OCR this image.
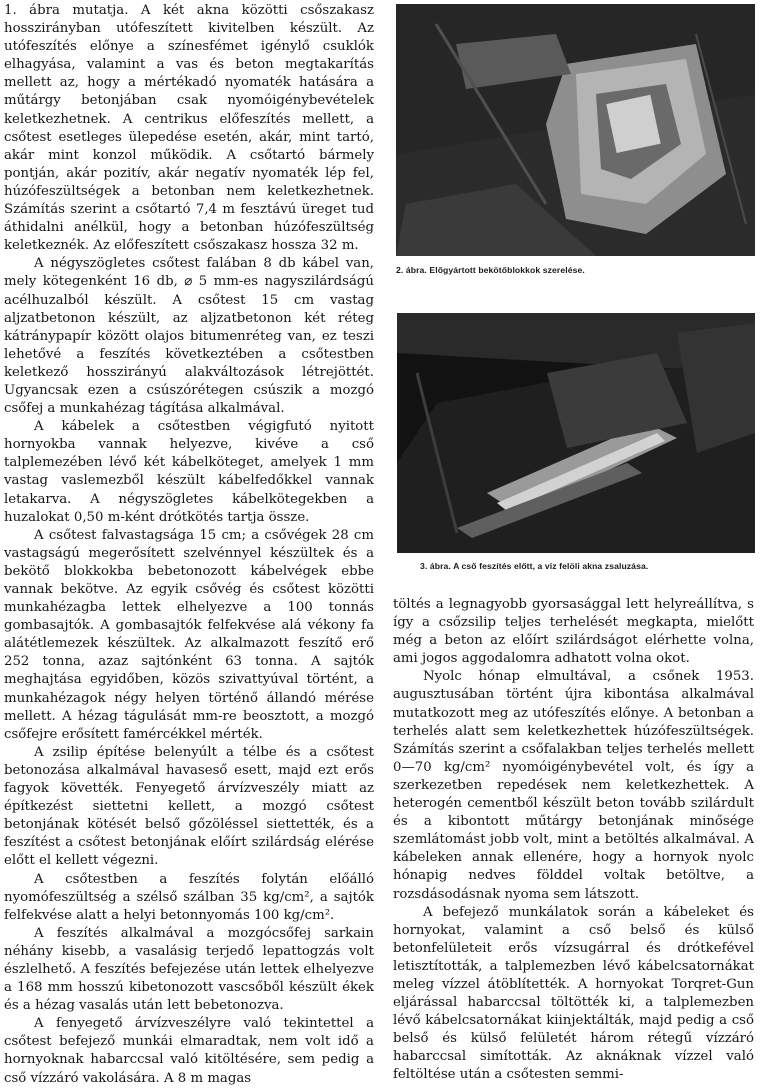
1. ábra mutatja. A két akna közötti csőszakasz hosszirányban utófeszített kivitelben készült. Az utófeszítés előnye a színesfémet igénylő csuklók elhagyása, valamint a vas és beton megtakarítás mellett az, hogy a mértékadó nyomaték hatására a műtárgy betonjában csak nyomóigénybevételek keletkezhetnek. A centrikus előfeszítés mellett, a csőtest esetleges ülepedése esetén, akár, mint tartó, akár mint konzol működik. A csőtartó bármely pontján, akár pozitív, akár negatív nyomaték lép fel, húzófeszültségek a betonban nem keletkezhetnek. Számítás szerint a csőtartó 7,4 m fesztávú üreget tud áthidalni anélkül, hogy a betonban húzófeszültség keletkeznék. Az előfeszített csőszakasz hossza 32 m.

A négyszögletes csőtest falában 8 db kábel van, mely kötegenként 16 db, ⌀ 5 mm-es nagyszilárdságú acélhuzalból készült. A csőtest 15 cm vastag aljzatbetonon készült, az aljzatbetonon két réteg kátránypapír között olajos bitumenréteg van, ez teszi lehetővé a feszítés következtében a csőtestben keletkező hosszirányú alakváltozások létrejöttét. Ugyancsak ezen a csúszórétegen csúszik a mozgó csőfej a munkahézag tágítása alkalmával.

A kábelek a csőtestben végigfutó nyitott hornyokba vannak helyezve, kivéve a cső talplemezében lévő két kábelköteget, amelyek 1 mm vastag vaslemezből készült kábelfedőkkel vannak letakarva. A négyszögletes kábelkötegekben a huzalokat 0,50 m-ként drótkötés tartja össze.

A csőtest falvastagsága 15 cm; a csővégek 28 cm vastagságú megerősített szelvénnyel készültek és a bekötő blokkokba bebetonozott kábelvégek ebbe vannak bekötve. Az egyik csővég és csőtest közötti munkahézagba lettek elhelyezve a 100 tonnás gombasajtók. A gombasajtók felfekvése alá vékony fa alátétlemezek készültek. Az alkalmazott feszítő erő 252 tonna, azaz sajtónként 63 tonna. A sajtók meghajtása egyidőben, közös szivattyúval történt, a munkahézagok négy helyen történő állandó mérése mellett. A hézag tágulását mm-re beosztott, a mozgó csőfejre erősített famércékkel mérték.

A zsilip építése belenyúlt a télbe és a csőtest betonozása alkalmával havaseső esett, majd ezt erős fagyok követték. Fenyegető árvízveszély miatt az építkezést siettetni kellett, a mozgó csőtest betonjának kötését belső gőzöléssel siettették, és a feszítést a csőtest betonjának előírt szilárdság elérése előtt el kellett végezni.

A csőtestben a feszítés folytán előálló nyomófeszültség a szélső szálban 35 kg/cm², a sajtók felfekvése alatt a helyi betonnyomás 100 kg/cm².

A feszítés alkalmával a mozgócsőfej sarkain néhány kisebb, a vasalásig terjedő lepattogzás volt észlelhető. A feszítés befejezése után lettek elhelyezve a 168 mm hosszú kibetonozott vascsőből készült ékek és a hézag vasalás után lett bebetonozva.

A fenyegető árvízveszélyre való tekintettel a csőtest befejező munkái elmaradtak, nem volt idő a hornyoknak habarccsal való kitöltésére, sem pedig a cső vízzáró vakolására. A 8 m magas

2. ábra. Előgyártott bekötőblokkok szerelése.
3. ábra. A cső feszítés előtt, a víz felöli akna zsaluzása.

töltés a legnagyobb gyorsasággal lett helyreállítva, s így a csőzsilip teljes terhelését megkapta, mielőtt még a beton az előírt szilárdságot elérhette volna, ami jogos aggodalomra adhatott volna okot.

Nyolc hónap elmultával, a csőnek 1953. augusztusában történt újra kibontása alkalmával mutatkozott meg az utófeszítés előnye. A betonban a terhelés alatt sem keletkezhettek húzófeszültségek. Számítás szerint a csőfalakban teljes terhelés mellett 0—70 kg/cm² nyomóigénybevétel volt, és így a szerkezetben repedések nem keletkezhettek. A heterogén cementből készült beton tovább szilárdult és a kibontott műtárgy betonjának minősége szemlátomást jobb volt, mint a betöltés alkalmával. A kábeleken annak ellenére, hogy a hornyok nyolc hónapig nedves földdel voltak betöltve, a rozsdásodásnak nyoma sem látszott.

A befejező munkálatok során a kábeleket és hornyokat, valamint a cső belső és külső betonfelületeit erős vízsugárral és drótkefével letisztították, a talplemezben lévő kábelcsatornákat meleg vízzel átöblítették. A hornyokat Torqret-Gun eljárással habarccsal töltötték ki, a talplemezben lévő kábelcsatornákat kiinjektálták, majd pedig a cső belső és külső felületét három rétegű vízzáró habarccsal simították. Az aknáknak vízzel való feltöltése után a csőtesten semmi-
